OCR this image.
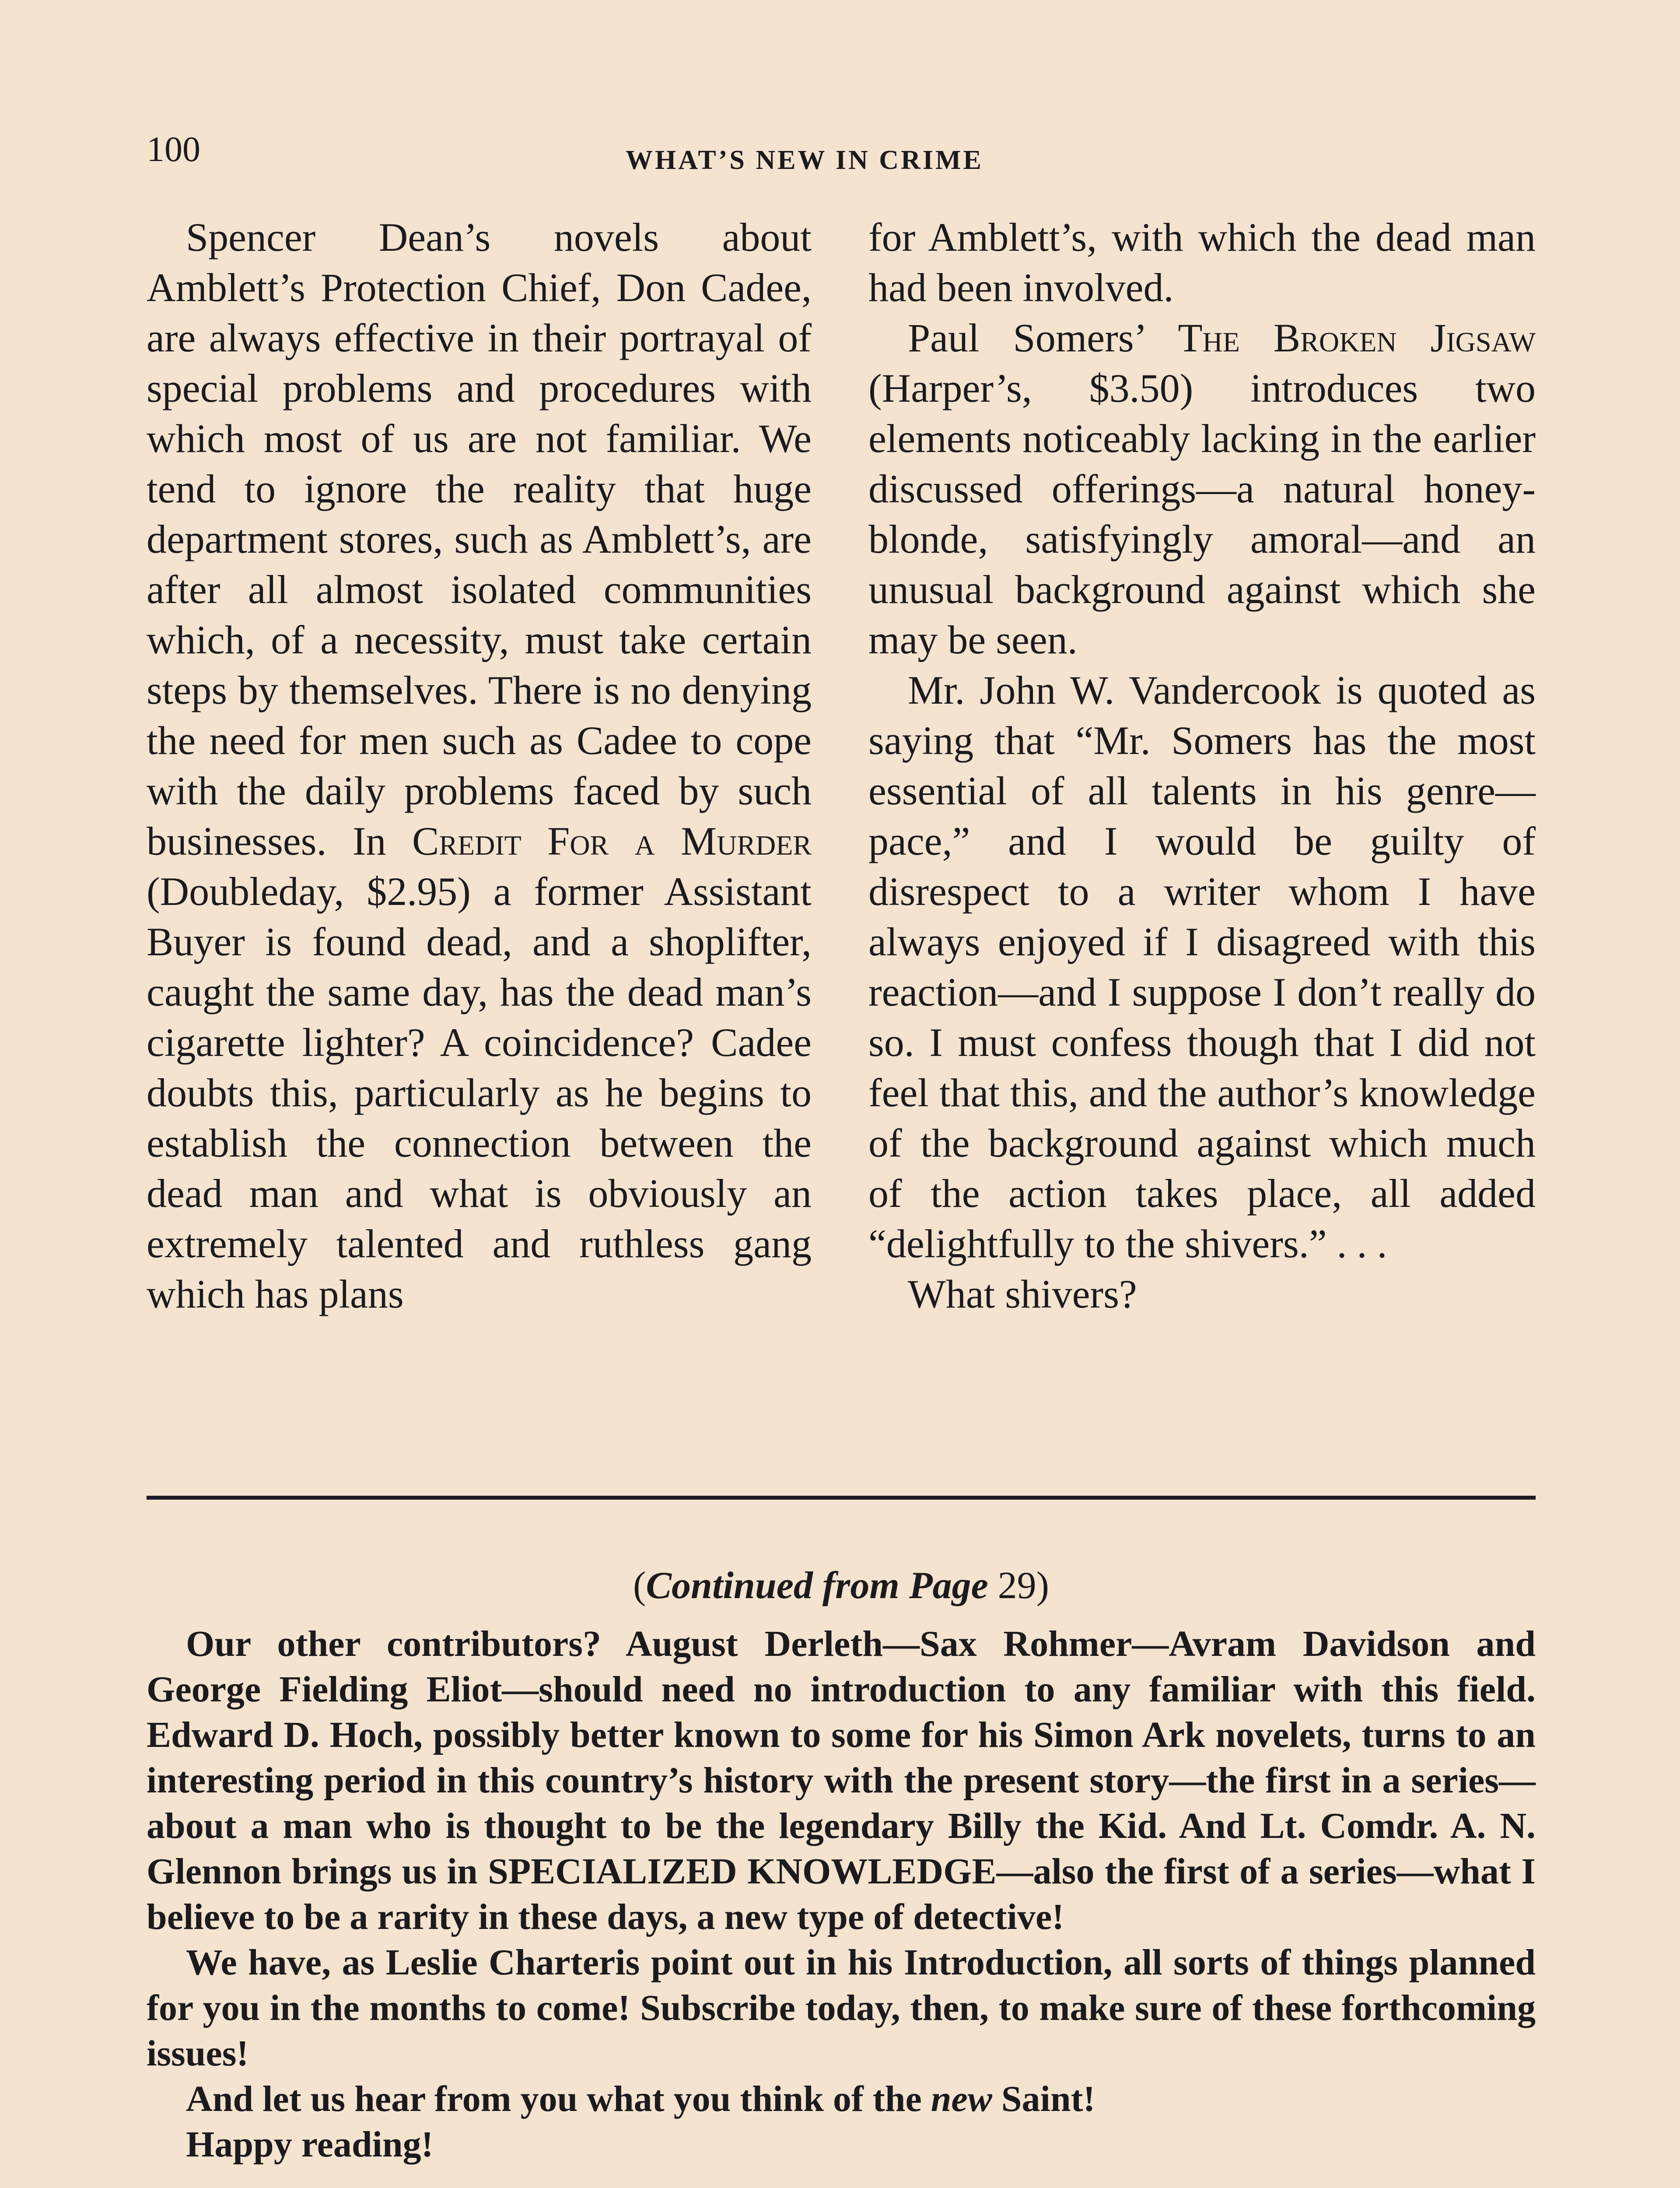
100	WHAT’S NEW IN CRIME

Spencer Dean’s novels about Amblett’s Protection Chief, Don Cadee, are always effective in their portrayal of special problems and procedures with which most of us are not familiar. We tend to ignore the reality that huge department stores, such as Amblett’s, are after all almost isolated communities which, of a necessity, must take certain steps by themselves. There is no denying the need for men such as Cadee to cope with the daily problems faced by such businesses. In Credit For a Murder (Doubleday, $2.95) a former Assistant Buyer is found dead, and a shoplifter, caught the same day, has the dead man’s cigarette lighter? A coincidence? Cadee doubts this, particularly as he begins to establish the connection between the dead man and what is obviously an extremely talented and ruthless gang which has plans

for Amblett’s, with which the dead man had been involved.

Paul Somers’ The Broken Jigsaw (Harper’s, $3.50) introduces two elements noticeably lacking in the earlier discussed offerings—a natural honey-blonde, satisfyingly amoral—and an unusual background against which she may be seen.

Mr. John W. Vandercook is quoted as saying that “Mr. Somers has the most essential of all talents in his genre—pace,” and I would be guilty of disrespect to a writer whom I have always enjoyed if I disagreed with this reaction—and I suppose I don’t really do so. I must confess though that I did not feel that this, and the author’s knowledge of the background against which much of the action takes place, all added “delightfully to the shivers.” . . .

What shivers?

(Continued from Page 29)

Our other contributors? August Derleth—Sax Rohmer—Avram Davidson and George Fielding Eliot—should need no introduction to any familiar with this field. Edward D. Hoch, possibly better known to some for his Simon Ark novelets, turns to an interesting period in this country’s history with the present story—the first in a series—about a man who is thought to be the legendary Billy the Kid. And Lt. Comdr. A. N. Glennon brings us in SPECIALIZED KNOWLEDGE—also the first of a series—what I believe to be a rarity in these days, a new type of detective!

We have, as Leslie Charteris point out in his Introduction, all sorts of things planned for you in the months to come! Subscribe today, then, to make sure of these forthcoming issues!

And let us hear from you what you think of the new Saint!

Happy reading!
